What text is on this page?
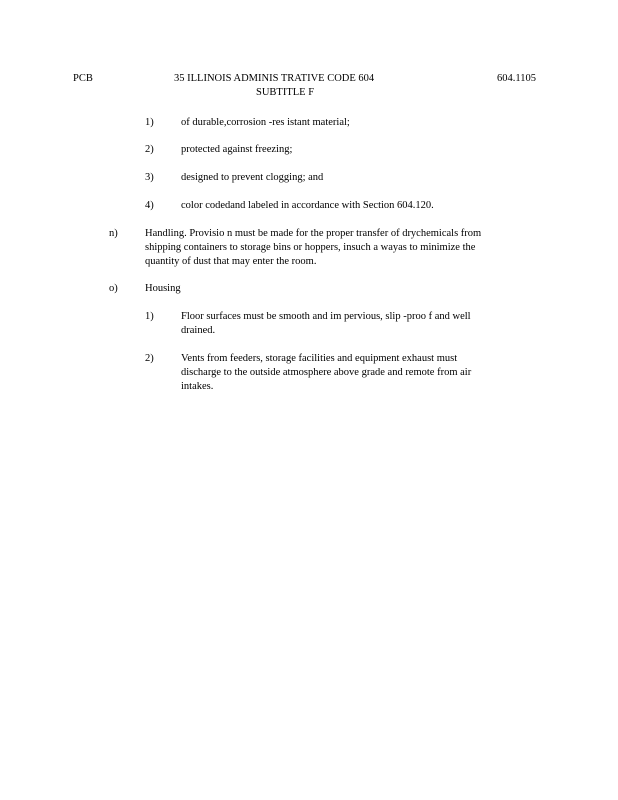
PCB	35 ILLINOIS ADMINIS TRATIVE CODE 604
SUBTITLE F
604.1105
1)	of durable,corrosion -res istant material;
2)	protected against freezing;
3)	designed to prevent clogging; and
4)	color codedand labeled in accordance with Section 604.120.
n)	Handling. Provisio n must be made for the proper transfer of drychemicals from
shipping containers to storage bins or hoppers, insuch a wayas to minimize the
quantity of dust that may enter the room.
o)	Housing
1)	Floor surfaces must be smooth and im pervious, slip -proo f and well
drained.
2)	Vents from feeders, storage facilities and equipment exhaust must
discharge to the outside atmosphere above grade and remote from air
intakes.
